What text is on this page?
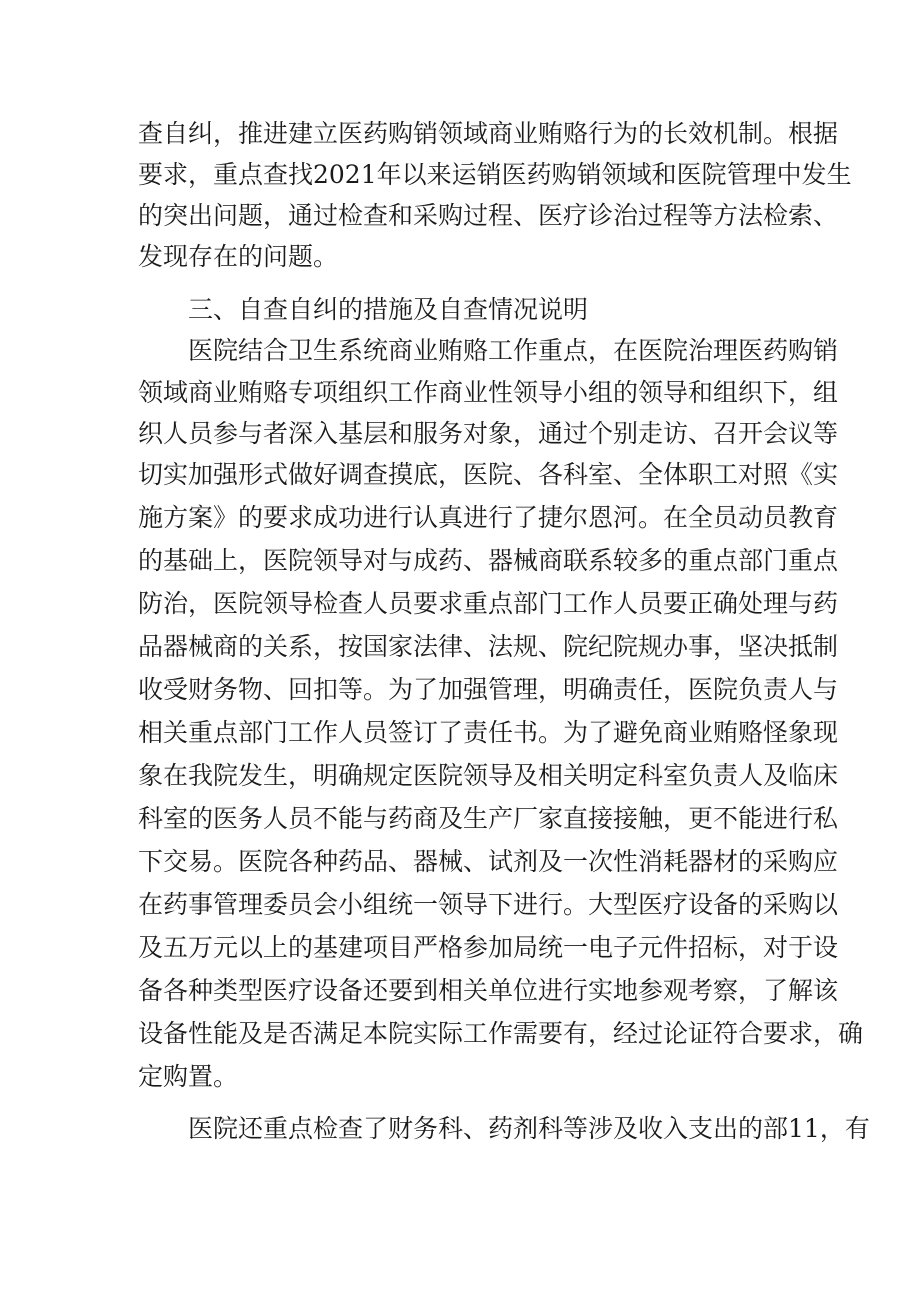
查自纠，推进建立医药购销领域商业贿赂行为的长效机制。根据
要求，重点查找2021年以来运销医药购销领域和医院管理中发生
的突出问题，通过检查和采购过程、医疗诊治过程等方法检索、
发现存在的问题。
三、自查自纠的措施及自查情况说明
医院结合卫生系统商业贿赂工作重点，在医院治理医药购销
领域商业贿赂专项组织工作商业性领导小组的领导和组织下，组
织人员参与者深入基层和服务对象，通过个别走访、召开会议等
切实加强形式做好调查摸底，医院、各科室、全体职工对照《实
施方案》的要求成功进行认真进行了捷尔恩河。在全员动员教育
的基础上，医院领导对与成药、器械商联系较多的重点部门重点
防治，医院领导检查人员要求重点部门工作人员要正确处理与药
品器械商的关系，按国家法律、法规、院纪院规办事，坚决抵制
收受财务物、回扣等。为了加强管理，明确责任，医院负责人与
相关重点部门工作人员签订了责任书。为了避免商业贿赂怪象现
象在我院发生，明确规定医院领导及相关明定科室负责人及临床
科室的医务人员不能与药商及生产厂家直接接触，更不能进行私
下交易。医院各种药品、器械、试剂及一次性消耗器材的采购应
在药事管理委员会小组统一领导下进行。大型医疗设备的采购以
及五万元以上的基建项目严格参加局统一电子元件招标，对于设
备各种类型医疗设备还要到相关单位进行实地参观考察，了解该
设备性能及是否满足本院实际工作需要有，经过论证符合要求，确
定购置。
医院还重点检查了财务科、药剂科等涉及收入支出的部11，有
